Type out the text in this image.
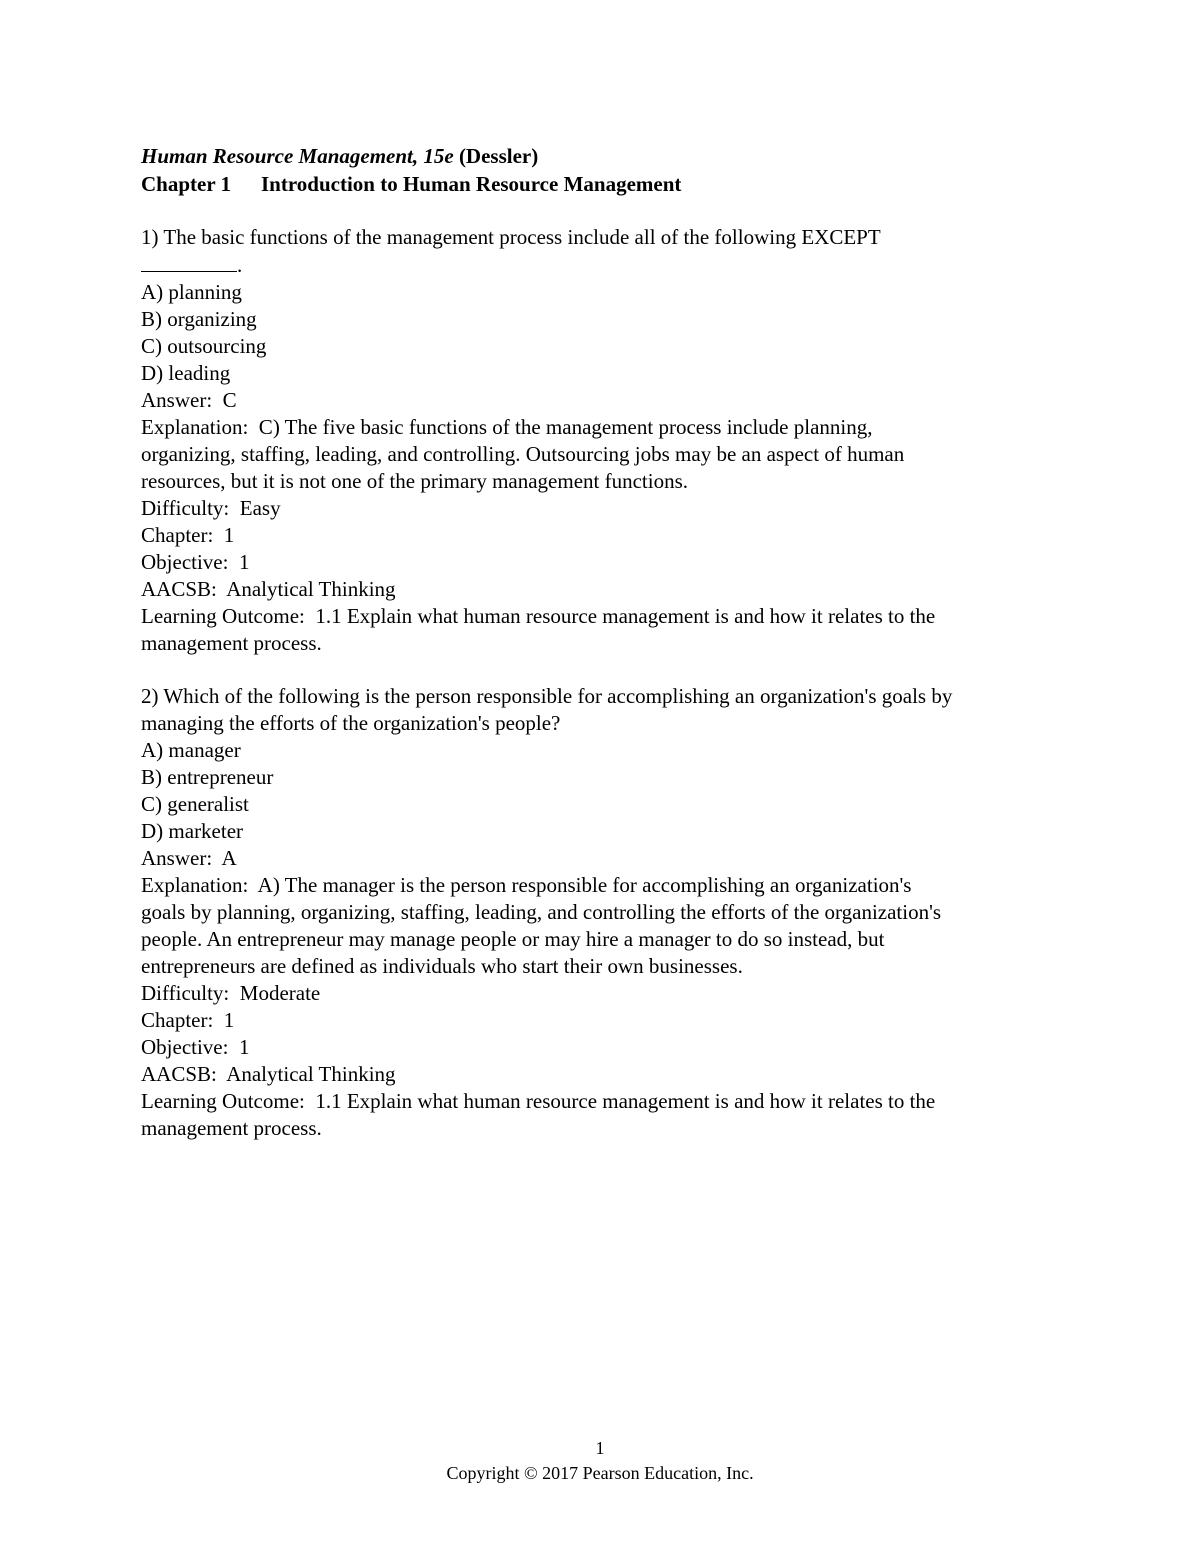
Human Resource Management, 15e (Dessler)
Chapter 1 Introduction to Human Resource Management
1) The basic functions of the management process include all of the following EXCEPT
.
A) planning
B) organizing
C) outsourcing
D) leading
Answer:  C
Explanation:  C) The five basic functions of the management process include planning,
organizing, staffing, leading, and controlling. Outsourcing jobs may be an aspect of human
resources, but it is not one of the primary management functions.
Difficulty:  Easy
Chapter:  1
Objective:  1
AACSB:  Analytical Thinking
Learning Outcome:  1.1 Explain what human resource management is and how it relates to the
management process.
2) Which of the following is the person responsible for accomplishing an organization's goals by
managing the efforts of the organization's people?
A) manager
B) entrepreneur
C) generalist
D) marketer
Answer:  A
Explanation:  A) The manager is the person responsible for accomplishing an organization's
goals by planning, organizing, staffing, leading, and controlling the efforts of the organization's
people. An entrepreneur may manage people or may hire a manager to do so instead, but
entrepreneurs are defined as individuals who start their own businesses.
Difficulty:  Moderate
Chapter:  1
Objective:  1
AACSB:  Analytical Thinking
Learning Outcome:  1.1 Explain what human resource management is and how it relates to the
management process.
1
Copyright © 2017 Pearson Education, Inc.
